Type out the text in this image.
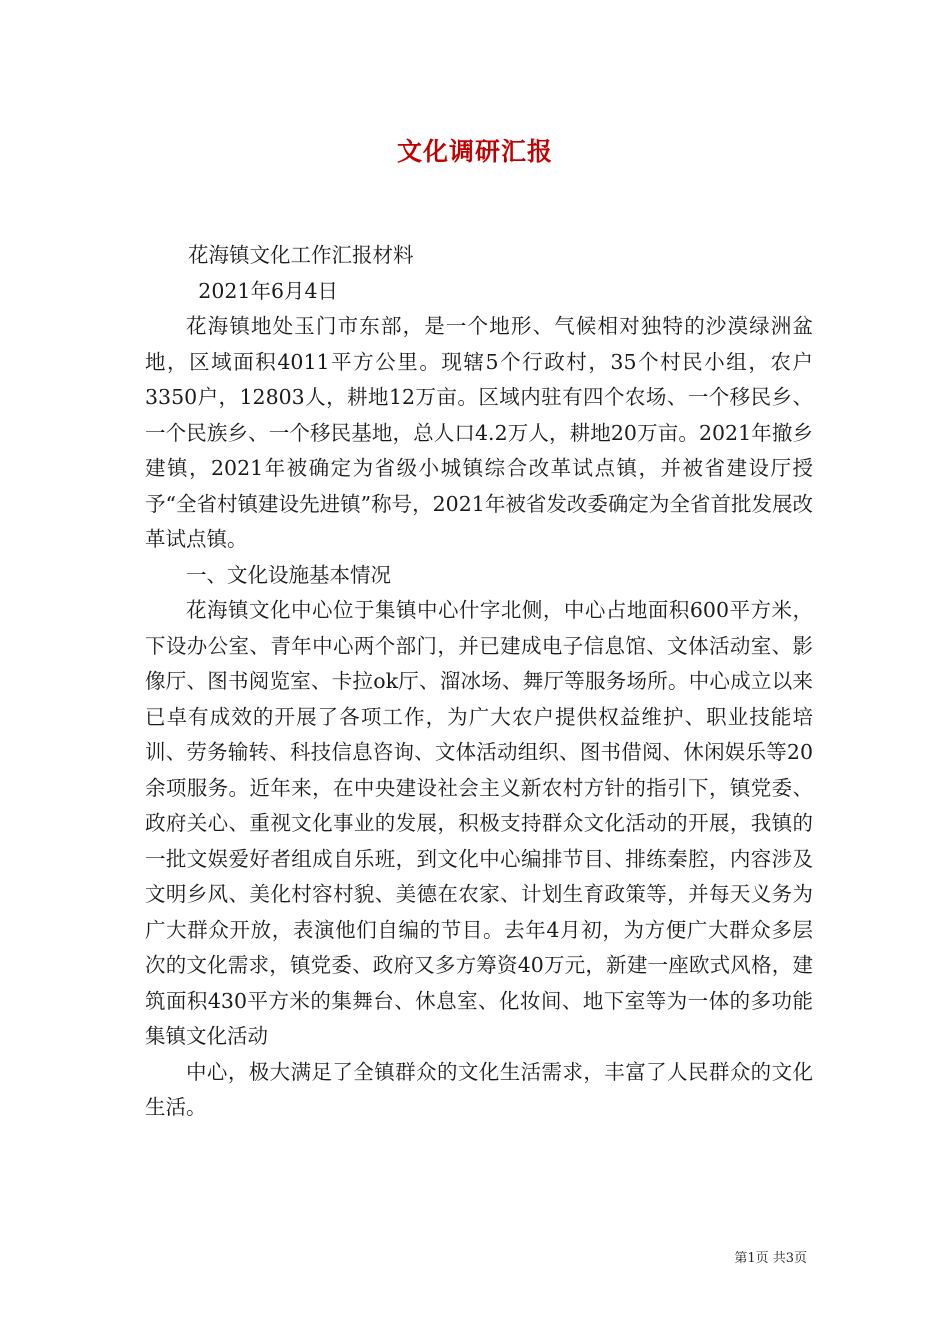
文化调研汇报

花海镇文化工作汇报材料

2021年6月4日

花海镇地处玉门市东部，是一个地形、气候相对独特的沙漠绿洲盆地，区域面积4011平方公里。现辖5个行政村，35个村民小组，农户3350户，12803人，耕地12万亩。区域内驻有四个农场、一个移民乡、一个民族乡、一个移民基地，总人口4.2万人，耕地20万亩。2021年撤乡建镇，2021年被确定为省级小城镇综合改革试点镇，并被省建设厅授予“全省村镇建设先进镇”称号，2021年被省发改委确定为全省首批发展改革试点镇。

一、文化设施基本情况

花海镇文化中心位于集镇中心什字北侧，中心占地面积600平方米，下设办公室、青年中心两个部门，并已建成电子信息馆、文体活动室、影像厅、图书阅览室、卡拉ok厅、溜冰场、舞厅等服务场所。中心成立以来已卓有成效的开展了各项工作，为广大农户提供权益维护、职业技能培训、劳务输转、科技信息咨询、文体活动组织、图书借阅、休闲娱乐等20余项服务。近年来，在中央建设社会主义新农村方针的指引下，镇党委、政府关心、重视文化事业的发展，积极支持群众文化活动的开展，我镇的一批文娱爱好者组成自乐班，到文化中心编排节目、排练秦腔，内容涉及文明乡风、美化村容村貌、美德在农家、计划生育政策等，并每天义务为广大群众开放，表演他们自编的节目。去年4月初，为方便广大群众多层次的文化需求，镇党委、政府又多方筹资40万元，新建一座欧式风格，建筑面积430平方米的集舞台、休息室、化妆间、地下室等为一体的多功能集镇文化活动

中心，极大满足了全镇群众的文化生活需求，丰富了人民群众的文化生活。

第1页 共3页
